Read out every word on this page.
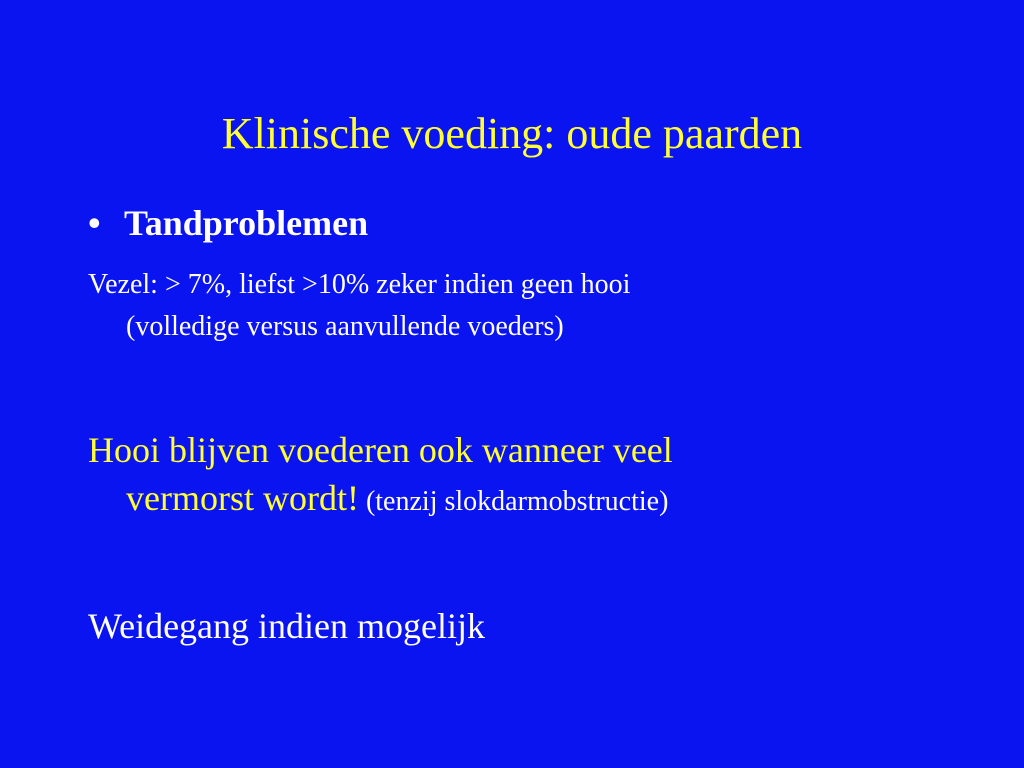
Klinische voeding: oude paarden
• Tandproblemen
Vezel: > 7%, liefst >10% zeker indien geen hooi
(volledige versus aanvullende voeders)
Hooi blijven voederen ook wanneer veel
vermorst wordt! (tenzij slokdarmobstructie)
Weidegang indien mogelijk
